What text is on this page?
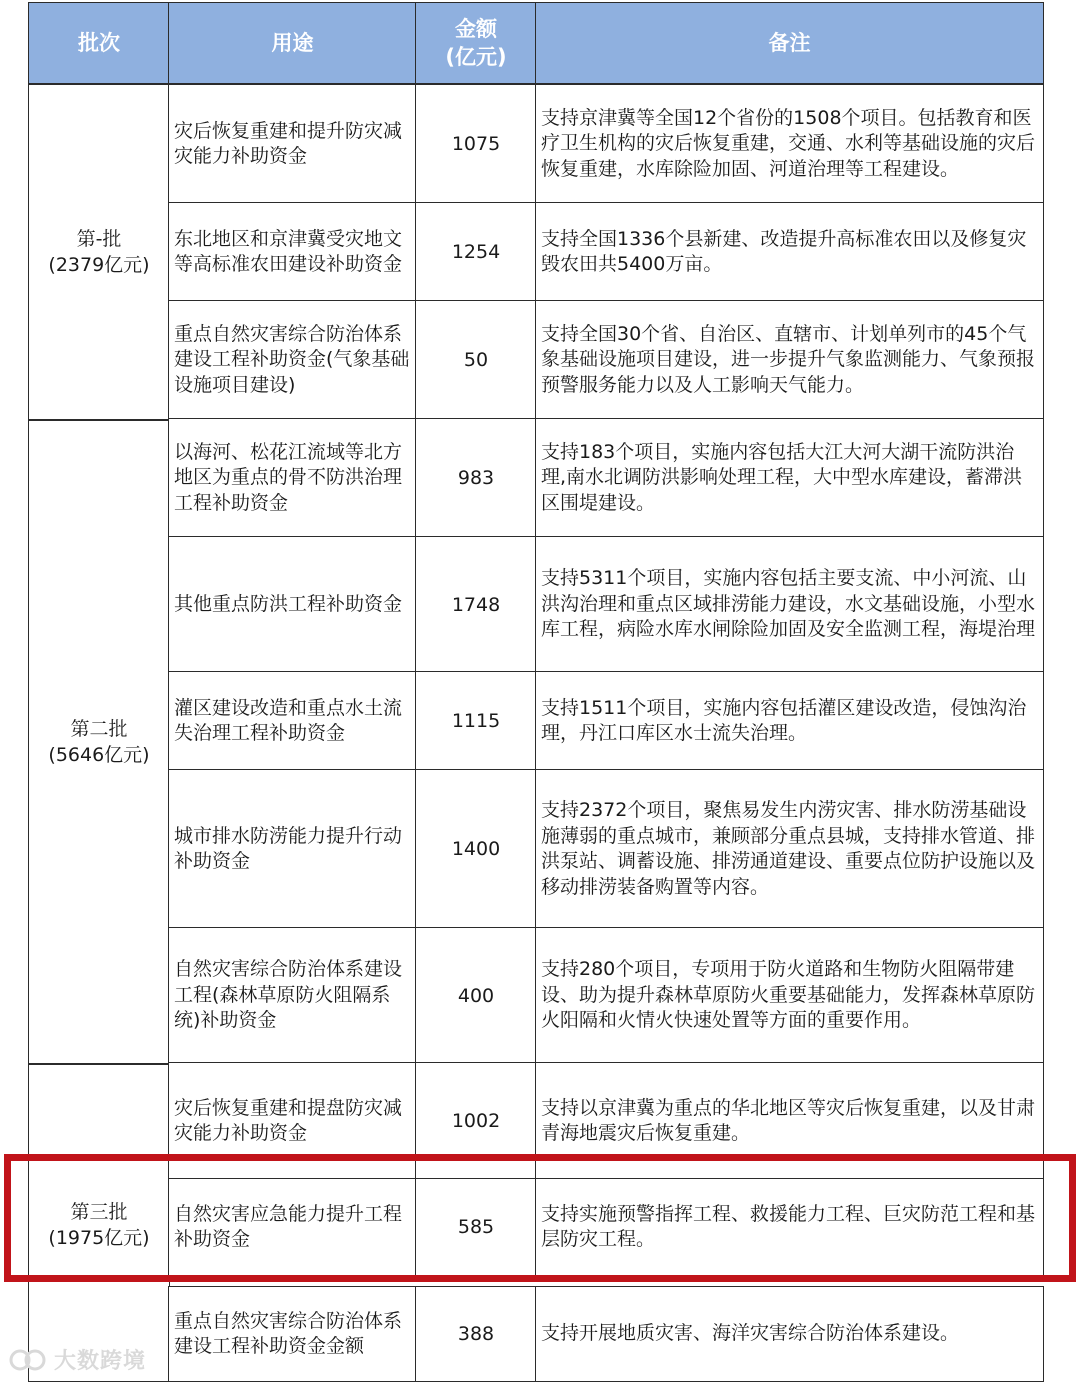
批次	用途
金额
(亿元)
备注
第-批
(2379亿元)
第二批
(5646亿元)
第三批
(1975亿元)
灾后恢复重建和提升防灾减灾能力补助资金
1075
支持京津冀等全国12个省份的1508个项目。包括教育和医疗卫生机构的灾后恢复重建，交通、水利等基础设施的灾后恢复重建，水库除险加固、河道治理等工程建设。
东北地区和京津冀受灾地文等高标准农田建设补助资金
1254
支持全国1336个县新建、改造提升高标准农田以及修复灾毁农田共5400万亩。
重点自然灾害综合防治体系建设工程补助资金(气象基础设施项目建设)
50
支持全国30个省、自治区、直辖市、计划单列市的45个气象基础设施项目建设，进一步提升气象监测能力、气象预报预警服务能力以及人工影响天气能力。
以海河、松花江流域等北方地区为重点的骨不防洪治理工程补助资金
983
支持183个项目，实施内容包括大江大河大湖干流防洪治理,南水北调防洪影响处理工程，大中型水库建设，蓄滞洪区围堤建设。
其他重点防洪工程补助资金	1748
支持5311个项目，实施内容包括主要支流、中小河流、山洪沟治理和重点区域排涝能力建设，水文基础设施，小型水库工程，病险水库水闸除险加固及安全监测工程，海堤治理
灌区建设改造和重点水土流失治理工程补助资金
1115
支持1511个项目，实施内容包括灌区建设改造，侵蚀沟治理，丹江口库区水士流失治理。
城市排水防涝能力提升行动补助资金
1400
支持2372个项目，聚焦易发生内涝灾害、排水防涝基础设施薄弱的重点城市，兼顾部分重点县城，支持排水管道、排洪泵站、调蓄设施、排涝通道建设、重要点位防护设施以及移动排涝装备购置等内容。
自然灾害综合防治体系建设工程(森林草原防火阻隔系统)补助资金
400
支持280个项目，专项用于防火道路和生物防火阻隔带建设、助为提升森林草原防火重要基础能力，发挥森林草原防火阳隔和火情火快速处置等方面的重要作用。
灾后恢复重建和提盘防灾减灾能力补助资金
1002
支持以京津冀为重点的华北地区等灾后恢复重建，以及甘肃青海地震灾后恢复重建。
自然灾害应急能力提升工程补助资金
585
支持实施预警指挥工程、救援能力工程、巨灾防范工程和基层防灾工程。
重点自然灾害综合防治体系建设工程补助资金金额
388 支持开展地质灾害、海洋灾害综合防治体系建设。
大数跨境
